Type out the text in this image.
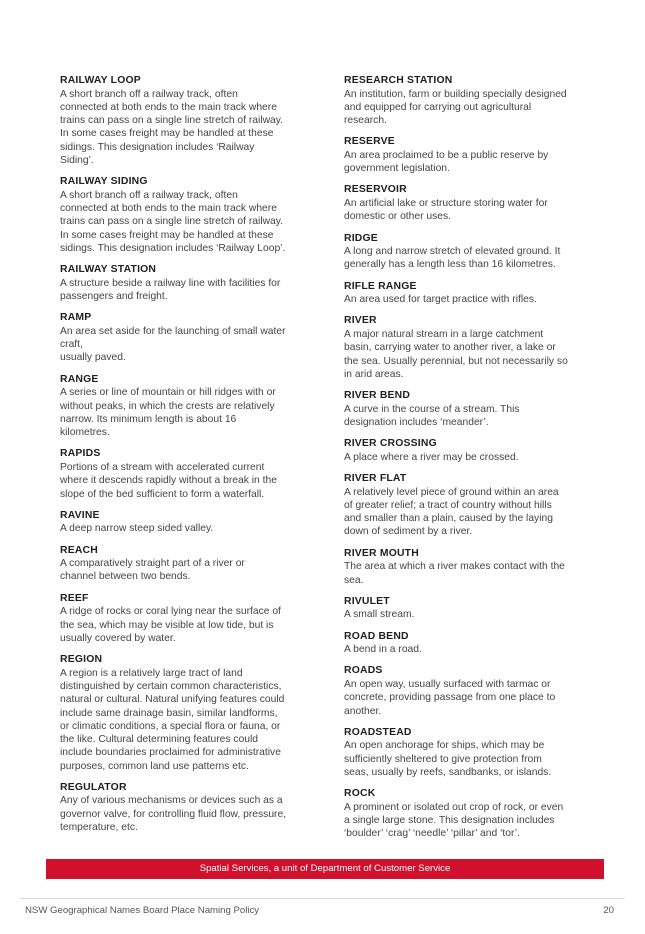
RAILWAY LOOP
A short branch off a railway track, often
connected at both ends to the main track where
trains can pass on a single line stretch of railway.
In some cases freight may be handled at these
sidings. This designation includes ‘Railway
Siding’.
RAILWAY SIDING
A short branch off a railway track, often
connected at both ends to the main track where
trains can pass on a single line stretch of railway.
In some cases freight may be handled at these
sidings. This designation includes ‘Railway Loop’.
RAILWAY STATION
A structure beside a railway line with facilities for
passengers and freight.
RAMP
An area set aside for the launching of small water
craft,
usually paved.
RANGE
A series or line of mountain or hill ridges with or
without peaks, in which the crests are relatively
narrow. Its minimum length is about 16
kilometres.
RAPIDS
Portions of a stream with accelerated current
where it descends rapidly without a break in the
slope of the bed sufficient to form a waterfall.
RAVINE
A deep narrow steep sided valley.
REACH
A comparatively straight part of a river or
channel between two bends.
REEF
A ridge of rocks or coral lying near the surface of
the sea, which may be visible at low tide, but is
usually covered by water.
REGION
A region is a relatively large tract of land
distinguished by certain common characteristics,
natural or cultural. Natural unifying features could
include same drainage basin, similar landforms,
or climatic conditions, a special flora or fauna, or
the like. Cultural determining features could
include boundaries proclaimed for administrative
purposes, common land use patterns etc.
REGULATOR
Any of various mechanisms or devices such as a
governor valve, for controlling fluid flow, pressure,
temperature, etc.
RESEARCH STATION
An institution, farm or building specially designed
and equipped for carrying out agricultural
research.
RESERVE
An area proclaimed to be a public reserve by
government legislation.
RESERVOIR
An artificial lake or structure storing water for
domestic or other uses.
RIDGE
A long and narrow stretch of elevated ground. It
generally has a length less than 16 kilometres.
RIFLE RANGE
An area used for target practice with rifles.
RIVER
A major natural stream in a large catchment
basin, carrying water to another river, a lake or
the sea. Usually perennial, but not necessarily so
in arid areas.
RIVER BEND
A curve in the course of a stream. This
designation includes ‘meander’.
RIVER CROSSING
A place where a river may be crossed.
RIVER FLAT
A relatively level piece of ground within an area
of greater relief; a tract of country without hills
and smaller than a plain, caused by the laying
down of sediment by a river.
RIVER MOUTH
The area at which a river makes contact with the
sea.
RIVULET
A small stream.
ROAD BEND
A bend in a road.
ROADS
An open way, usually surfaced with tarmac or
concrete, providing passage from one place to
another.
ROADSTEAD
An open anchorage for ships, which may be
sufficiently sheltered to give protection from
seas, usually by reefs, sandbanks, or islands.
ROCK
A prominent or isolated out crop of rock, or even
a single large stone. This designation includes
‘boulder’ ‘crag’ ‘needle’ ‘pillar’ and ‘tor’.
Spatial Services, a unit of Department of Customer Service
NSW Geographical Names Board Place Naming Policy	20
